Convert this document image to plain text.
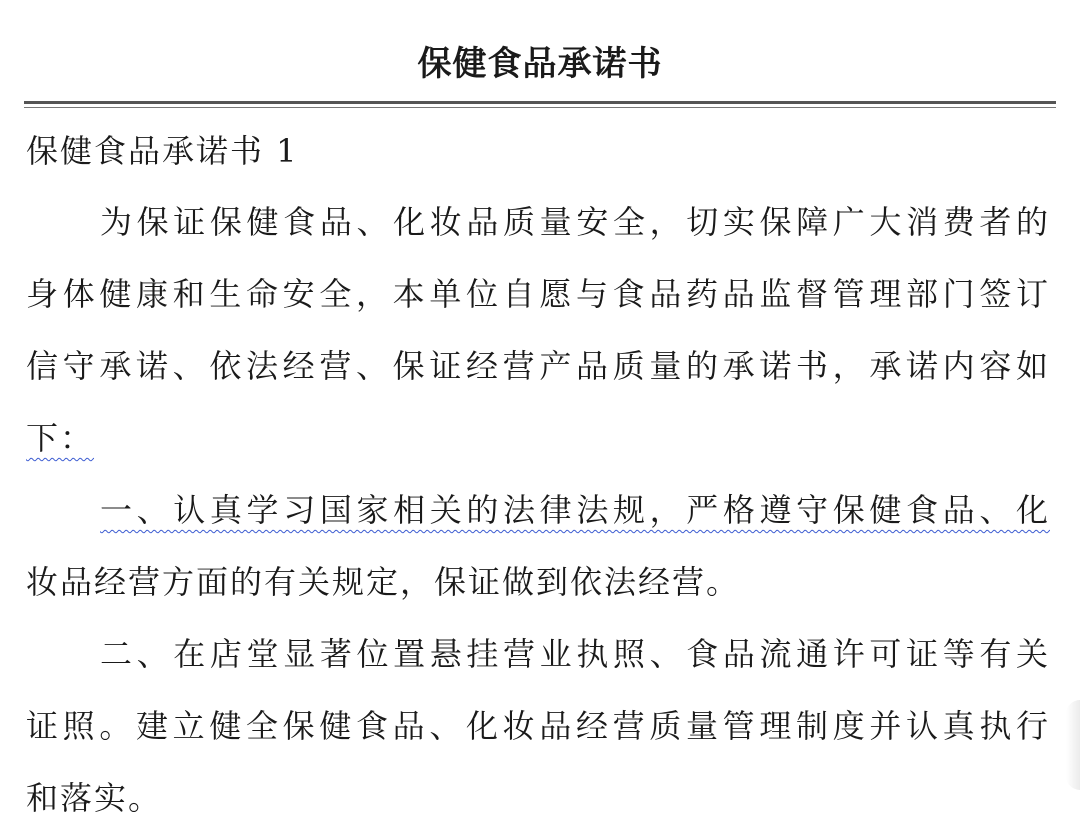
保健食品承诺书
保健食品承诺书 1
为保证保健食品、化妆品质量安全，切实保障广大消费者的
身体健康和生命安全，本单位自愿与食品药品监督管理部门签订
信守承诺、依法经营、保证经营产品质量的承诺书，承诺内容如
下：
一、认真学习国家相关的法律法规，严格遵守保健食品、化
妆品经营方面的有关规定，保证做到依法经营。
二、在店堂显著位置悬挂营业执照、食品流通许可证等有关
证照。建立健全保健食品、化妆品经营质量管理制度并认真执行
和落实。
